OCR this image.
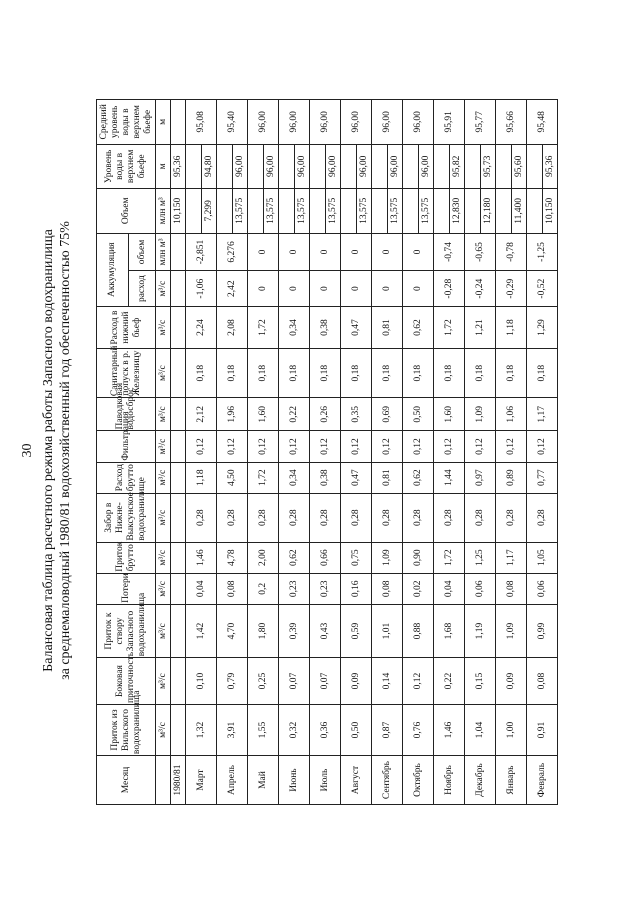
30 Балансовая таблица расчетного режима работы Запасного водохранилища за среднемаловодный 1980/81 водохозяйственный год обеспеченностью 75%
Месяц	Приток из Вильского водохранилища	Боковая приточность	Приток к створу Запасного водохранилища	Потери	Приток брутто	Забор в Нижне-Выксунское водохранилище	Расход брутто	Фильтрация	Паводковая водосброс	Санитарный попуск в р. Железницу	Расход в нижний бьеф	Аккумуляция		Объем	Уровень воды в верхнем бьефе	Средний уровень воды в верхнем бьефе
												расход	объем			
	м³/с	м³/с	м³/с	м³/с	м³/с	м³/с	м³/с	м³/с	м³/с	м³/с	м³/с	м³/с	млн м³	млн м³	м	м
1980/81														10,150	95,36	
Март	1,32	0,10	1,42	0,04	1,46	0,28	1,18	0,12	2,12	0,18	2,24	-1,06	-2,851			95,08
														7,299	94,80	
Апрель	3,91	0,79	4,70	0,08	4,78	0,28	4,50	0,12	1,96	0,18	2,08	2,42	6,276			95,40
														13,575	96,00	
Май	1,55	0,25	1,80	0,2	2,00	0,28	1,72	0,12	1,60	0,18	1,72	0	0			96,00
														13,575	96,00	
Июнь	0,32	0,07	0,39	0,23	0,62	0,28	0,34	0,12	0,22	0,18	0,34	0	0			96,00
														13,575	96,00	
Июль	0,36	0,07	0,43	0,23	0,66	0,28	0,38	0,12	0,26	0,18	0,38	0	0			96,00
														13,575	96,00	
Август	0,50	0,09	0,59	0,16	0,75	0,28	0,47	0,12	0,35	0,18	0,47	0	0			96,00
														13,575	96,00	
Сентябрь	0,87	0,14	1,01	0,08	1,09	0,28	0,81	0,12	0,69	0,18	0,81	0	0			96,00
														13,575	96,00	
Октябрь	0,76	0,12	0,88	0,02	0,90	0,28	0,62	0,12	0,50	0,18	0,62	0	0			96,00
														13,575	96,00	
Ноябрь	1,46	0,22	1,68	0,04	1,72	0,28	1,44	0,12	1,60	0,18	1,72	-0,28	-0,74			95,91
														12,830	95,82	
Декабрь	1,04	0,15	1,19	0,06	1,25	0,28	0,97	0,12	1,09	0,18	1,21	-0,24	-0,65			95,77
														12,180	95,73	
Январь	1,00	0,09	1,09	0,08	1,17	0,28	0,89	0,12	1,06	0,18	1,18	-0,29	-0,78			95,66
														11,400	95,60	
Февраль	0,91	0,08	0,99	0,06	1,05	0,28	0,77	0,12	1,17	0,18	1,29	-0,52	-1,25			95,48
														10,150	95,36	
